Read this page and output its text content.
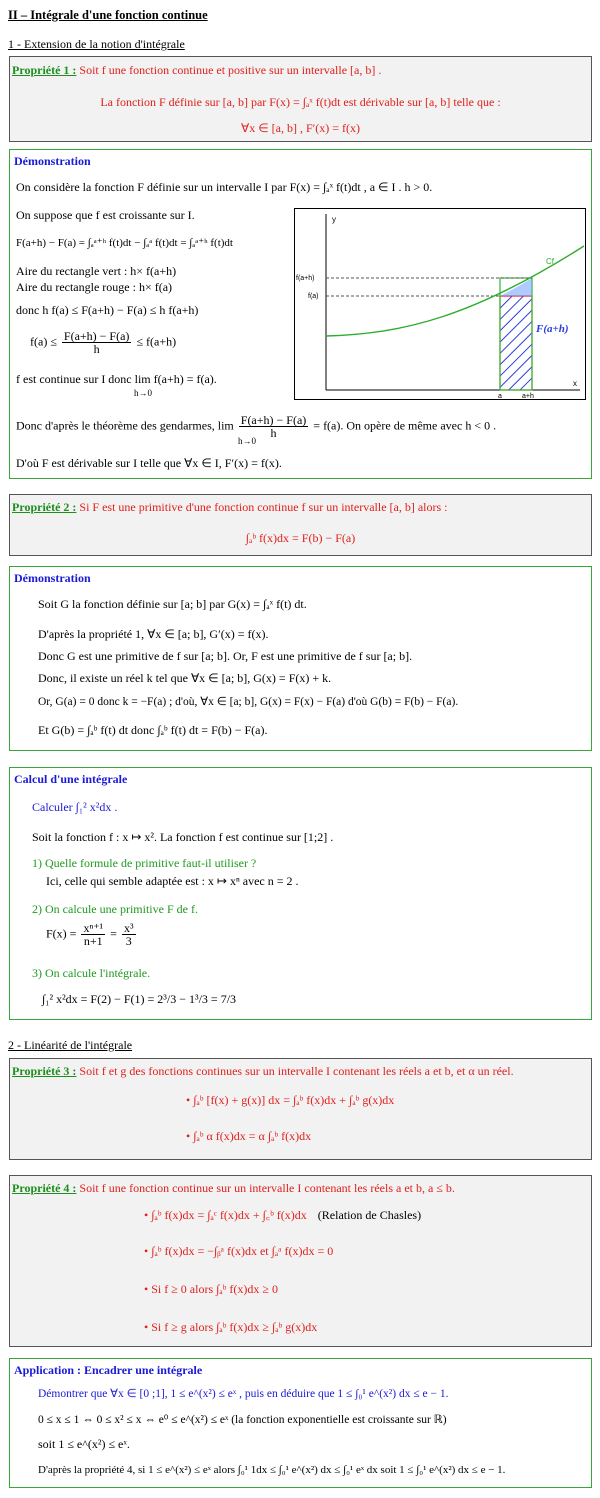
II – Intégrale d'une fonction continue
1 - Extension de la notion d'intégrale
Propriété 1 : Soit f une fonction continue et positive sur un intervalle [a, b] .
La fonction F définie sur [a, b] par F(x) = ∫ₐˣ f(t)dt est dérivable sur [a, b] telle que :
∀x ∈ [a, b] , F′(x) = f(x)
Démonstration
On considère la fonction F définie sur un intervalle I par F(x) = ∫ₐˣ f(t)dt , a ∈ I . h > 0.
On suppose que f est croissante sur I.
F(a+h) − F(a) = ∫ₐᵃ⁺ʰ f(t)dt − ∫ₐᵃ f(t)dt = ∫ₐᵃ⁺ʰ f(t)dt
Aire du rectangle vert : h× f(a+h)
Aire du rectangle rouge : h× f(a)
donc h f(a) ≤ F(a+h) − F(a) ≤ h f(a+h)
$f(a) \le \frac{F(a+h) - F(a)}{h} \le f(a+h)$
f est continue sur I donc lim f(a+h) = f(a).
h→0
Donc d'après le théorème des gendarmes, $\lim \frac{F(a+h) - F(a)}{h} = f(a)$. On opère de même avec h < 0 .
h→0
D'où F est dérivable sur I telle que ∀x ∈ I, F′(x) = f(x).
y
x
f(a+h)
f(a)
a	a+h
Cf
F(a+h)
Propriété 2 : Si F est une primitive d'une fonction continue f sur un intervalle [a, b] alors :
∫ₐᵇ f(x)dx = F(b) − F(a)
Démonstration
Soit G la fonction définie sur [a; b] par G(x) = ∫ₐˣ f(t) dt.
D'après la propriété 1, ∀x ∈ [a; b], G′(x) = f(x).
Donc G est une primitive de f sur [a; b]. Or, F est une primitive de f sur [a; b].
Donc, il existe un réel k tel que ∀x ∈ [a; b], G(x) = F(x) + k.
Or, G(a) = 0 donc k = −F(a) ; d'où, ∀x ∈ [a; b], G(x) = F(x) − F(a) d'où G(b) = F(b) − F(a).
Et G(b) = ∫ₐᵇ f(t) dt donc ∫ₐᵇ f(t) dt = F(b) − F(a).
Calcul d'une intégrale
Calculer ∫₁² x²dx .
Soit la fonction f : x ↦ x². La fonction f est continue sur [1;2] .
1) Quelle formule de primitive faut-il utiliser ?
Ici, celle qui semble adaptée est : x ↦ xⁿ avec n = 2 .
2) On calcule une primitive F de f.
$F(x) = \frac{\text{xⁿ⁺¹}}{n+1} = \frac{\text{x³}}{3}$
3) On calcule l'intégrale.
∫₁² x²dx = F(2) − F(1) = 2³/3 − 1³/3 = 7/3
2 - Linéarité de l'intégrale
Propriété 3 : Soit f et g des fonctions continues sur un intervalle I contenant les réels a et b, et α un réel.
• ∫ₐᵇ [f(x) + g(x)] dx = ∫ₐᵇ f(x)dx + ∫ₐᵇ g(x)dx
• ∫ₐᵇ α f(x)dx = α ∫ₐᵇ f(x)dx
Propriété 4 : Soit f une fonction continue sur un intervalle I contenant les réels a et b, a ≤ b.
• ∫ₐᵇ f(x)dx = ∫ₐᶜ f(x)dx + ∫꜀ᵇ f(x)dx (Relation de Chasles)
• ∫ₐᵇ f(x)dx = −∫ᵦᵃ f(x)dx et ∫ₐᵃ f(x)dx = 0
• Si f ≥ 0 alors ∫ₐᵇ f(x)dx ≥ 0
• Si f ≥ g alors ∫ₐᵇ f(x)dx ≥ ∫ₐᵇ g(x)dx
Application : Encadrer une intégrale
Démontrer que ∀x ∈ [0 ;1], 1 ≤ e^(x²) ≤ eˣ , puis en déduire que 1 ≤ ∫₀¹ e^(x²) dx ≤ e − 1.
0 ≤ x ≤ 1 ⇔ 0 ≤ x² ≤ x ⇔ e⁰ ≤ e^(x²) ≤ eˣ (la fonction exponentielle est croissante sur ℝ)
soit 1 ≤ e^(x²) ≤ eˣ.
D'après la propriété 4, si 1 ≤ e^(x²) ≤ eˣ alors ∫₀¹ 1dx ≤ ∫₀¹ e^(x²) dx ≤ ∫₀¹ eˣ dx soit 1 ≤ ∫₀¹ e^(x²) dx ≤ e − 1.
